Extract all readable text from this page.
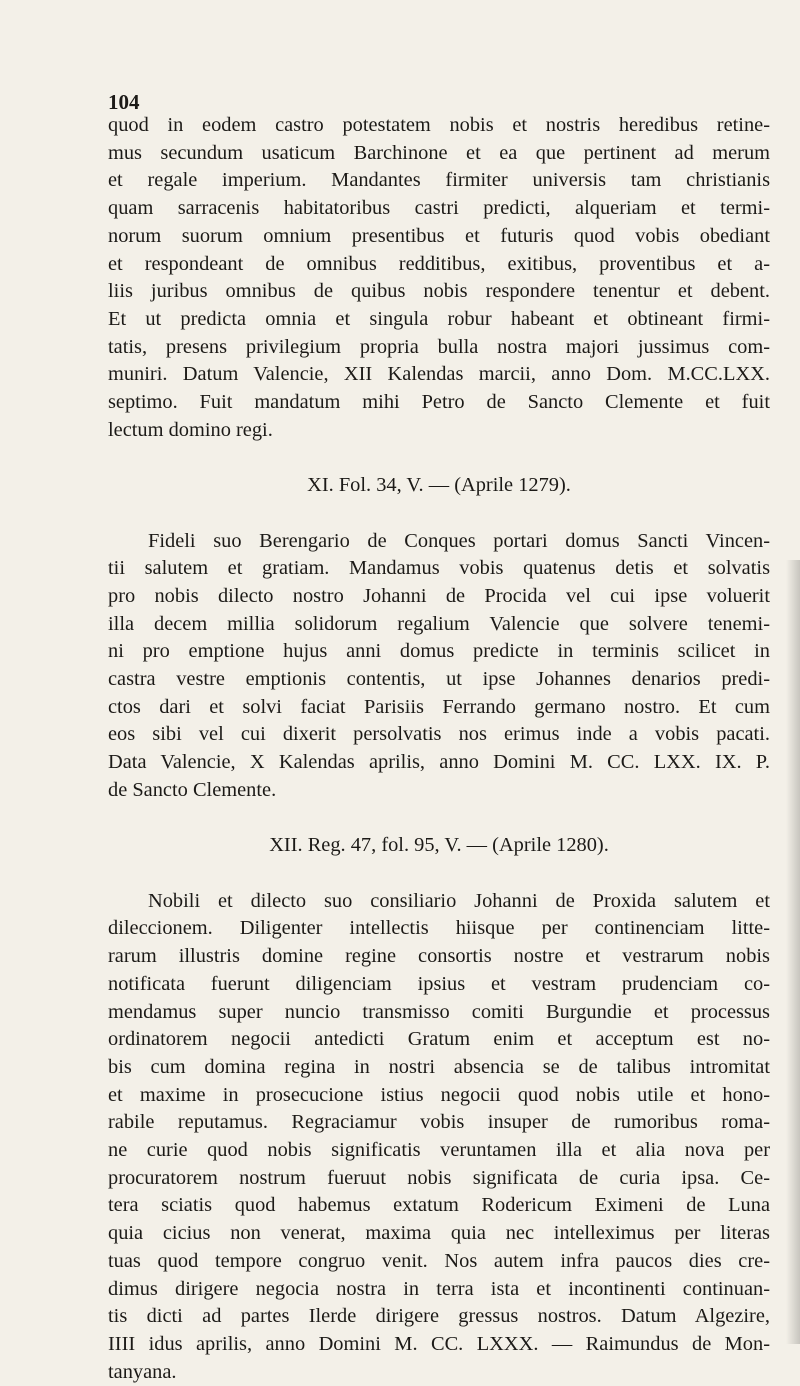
104
quod in eodem castro potestatem nobis et nostris heredibus retine-
mus secundum usaticum Barchinone et ea que pertinent ad merum
et regale imperium. Mandantes firmiter universis tam christianis
quam sarracenis habitatoribus castri predicti, alqueriam et termi-
norum suorum omnium presentibus et futuris quod vobis obediant
et respondeant de omnibus redditibus, exitibus, proventibus et a-
liis juribus omnibus de quibus nobis respondere tenentur et debent.
Et ut predicta omnia et singula robur habeant et obtineant firmi-
tatis, presens privilegium propria bulla nostra majori jussimus com-
muniri. Datum Valencie, XII Kalendas marcii, anno Dom. M.CC.LXX.
septimo. Fuit mandatum mihi Petro de Sancto Clemente et fuit
lectum domino regi.

XI. Fol. 34, V. — (Aprile 1279).

Fideli suo Berengario de Conques portari domus Sancti Vincen-
tii salutem et gratiam. Mandamus vobis quatenus detis et solvatis
pro nobis dilecto nostro Johanni de Procida vel cui ipse voluerit
illa decem millia solidorum regalium Valencie que solvere tenemi-
ni pro emptione hujus anni domus predicte in terminis scilicet in
castra vestre emptionis contentis, ut ipse Johannes denarios predi-
ctos dari et solvi faciat Parisiis Ferrando germano nostro. Et cum
eos sibi vel cui dixerit persolvatis nos erimus inde a vobis pacati.
Data Valencie, X Kalendas aprilis, anno Domini M. CC. LXX. IX. P.
de Sancto Clemente.

XII. Reg. 47, fol. 95, V. — (Aprile 1280).

Nobili et dilecto suo consiliario Johanni de Proxida salutem et
dileccionem. Diligenter intellectis hiisque per continenciam litte-
rarum illustris domine regine consortis nostre et vestrarum nobis
notificata fuerunt diligenciam ipsius et vestram prudenciam co-
mendamus super nuncio transmisso comiti Burgundie et processus
ordinatorem negocii antedicti Gratum enim et acceptum est no-
bis cum domina regina in nostri absencia se de talibus intromitat
et maxime in prosecucione istius negocii quod nobis utile et hono-
rabile reputamus. Regraciamur vobis insuper de rumoribus roma-
ne curie quod nobis significatis veruntamen illa et alia nova per
procuratorem nostrum fueruut nobis significata de curia ipsa. Ce-
tera sciatis quod habemus extatum Rodericum Eximeni de Luna
quia cicius non venerat, maxima quia nec intelleximus per literas
tuas quod tempore congruo venit. Nos autem infra paucos dies cre-
dimus dirigere negocia nostra in terra ista et incontinenti continuan-
tis dicti ad partes Ilerde dirigere gressus nostros. Datum Algezire,
IIII idus aprilis, anno Domini M. CC. LXXX. — Raimundus de Mon-
tanyana.
